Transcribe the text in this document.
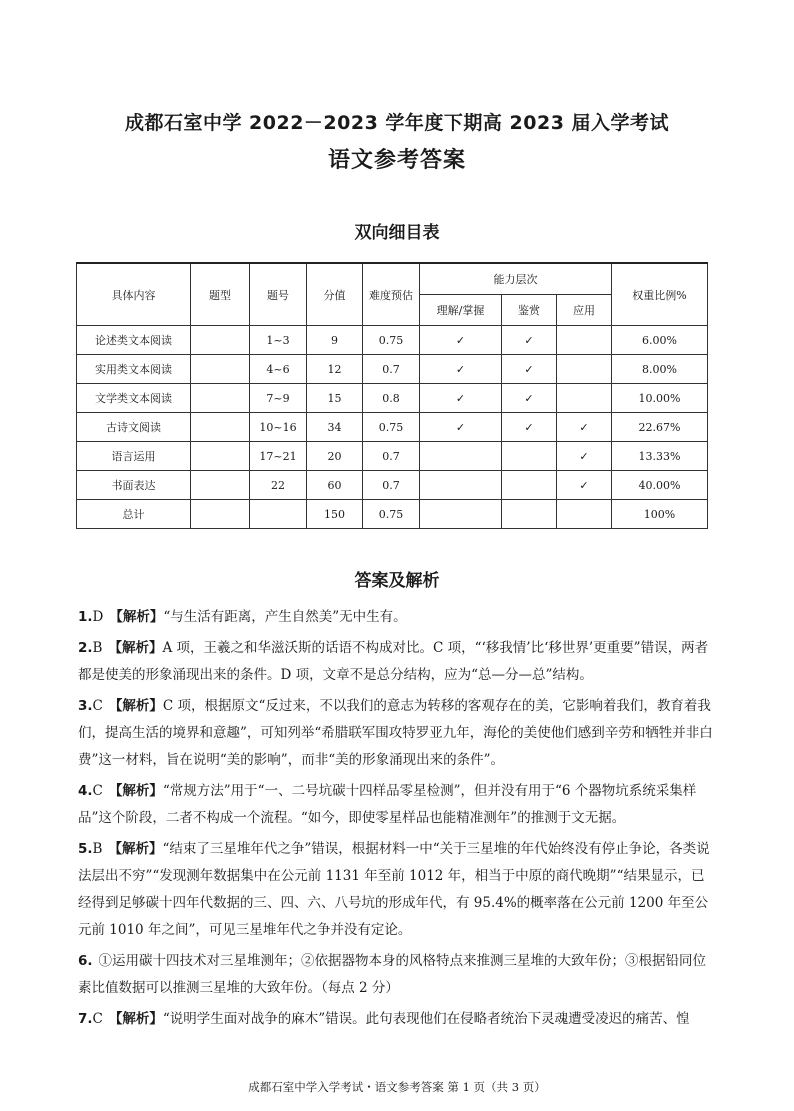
成都石室中学 2022－2023 学年度下期高 2023 届入学考试
语文参考答案
双向细目表
具体内容	题型	题号	分值	难度预估	能力层次			权重比例%
					理解/掌握	鉴赏	应用	
论述类文本阅读		1~3	9	0.75	✓	✓		6.00%
实用类文本阅读		4~6	12	0.7	✓	✓		8.00%
文学类文本阅读		7~9	15	0.8	✓	✓		10.00%
古诗文阅读		10~16	34	0.75	✓	✓	✓	22.67%
语言运用		17~21	20	0.7			✓	13.33%
书面表达		22	60	0.7			✓	40.00%
总计			150	0.75				100%
答案及解析

1.D 【解析】“与生活有距离，产生自然美”无中生有。

2.B 【解析】A 项，王羲之和华滋沃斯的话语不构成对比。C 项，“‘移我情’比‘移世界’更重要”错误，两者都是使美的形象涌现出来的条件。D 项，文章不是总分结构，应为“总—分—总”结构。

3.C 【解析】C 项，根据原文“反过来，不以我们的意志为转移的客观存在的美，它影响着我们，教育着我们，提高生活的境界和意趣”，可知列举“希腊联军围攻特罗亚九年，海伦的美使他们感到辛劳和牺牲并非白费”这一材料，旨在说明“美的影响”，而非“美的形象涌现出来的条件”。

4.C 【解析】“常规方法”用于“一、二号坑碳十四样品零星检测”，但并没有用于“6 个器物坑系统采集样品”这个阶段，二者不构成一个流程。“如今，即使零星样品也能精准测年”的推测于文无据。

5.B 【解析】“结束了三星堆年代之争”错误，根据材料一中“关于三星堆的年代始终没有停止争论，各类说法层出不穷”“发现测年数据集中在公元前 1131 年至前 1012 年，相当于中原的商代晚期”“结果显示，已经得到足够碳十四年代数据的三、四、六、八号坑的形成年代，有 95.4%的概率落在公元前 1200 年至公元前 1010 年之间”，可见三星堆年代之争并没有定论。

6. ①运用碳十四技术对三星堆测年；②依据器物本身的风格特点来推测三星堆的大致年份；③根据铅同位素比值数据可以推测三星堆的大致年份。（每点 2 分）

7.C 【解析】“说明学生面对战争的麻木”错误。此句表现他们在侵略者统治下灵魂遭受凌迟的痛苦、惶

成都石室中学入学考试・语文参考答案 第 1 页（共 3 页）
